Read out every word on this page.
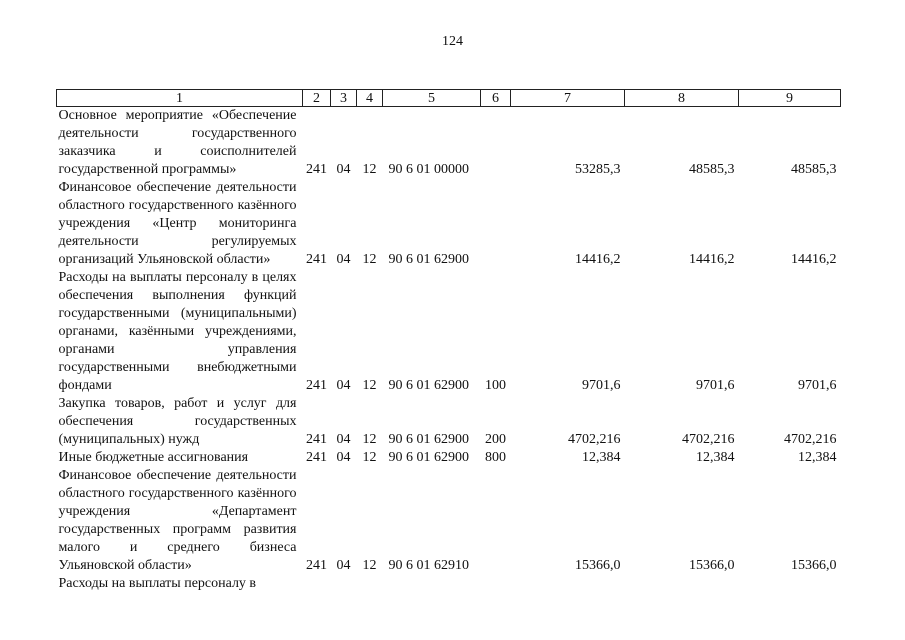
124
1	2	3	4	5	6	7	8	9
Основное мероприятие «Обеспечение деятельности государственного заказчика и соисполнителей государственной программы»	241	04	12	90 6 01 00000		53285,3	48585,3	48585,3
Финансовое обеспечение деятельности областного государственного казённого учреждения «Центр мониторинга деятельности регулируемых организаций Ульяновской области»	241	04	12	90 6 01 62900		14416,2	14416,2	14416,2
Расходы на выплаты персоналу в целях обеспечения выполнения функций государственными (муниципальными) органами, казёнными учреждениями, органами управления государственными внебюджетными фондами	241	04	12	90 6 01 62900	100	9701,6	9701,6	9701,6
Закупка товаров, работ и услуг для обеспечения государственных (муниципальных) нужд	241	04	12	90 6 01 62900	200	4702,216	4702,216	4702,216
Иные бюджетные ассигнования	241	04	12	90 6 01 62900	800	12,384	12,384	12,384
Финансовое обеспечение деятельности областного государственного казённого учреждения «Департамент государственных программ развития малого и среднего бизнеса Ульяновской области»	241	04	12	90 6 01 62910		15366,0	15366,0	15366,0
Расходы на выплаты персоналу в								
